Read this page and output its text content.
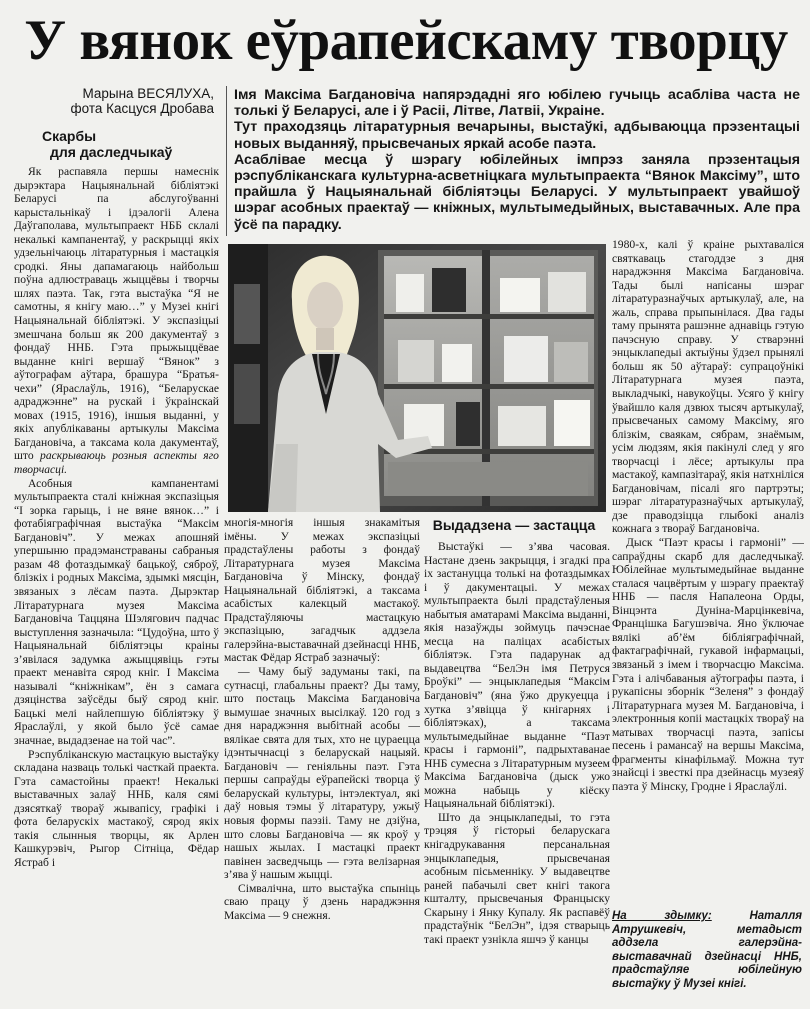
У вянок еўрапейскаму творцу
Марына ВЕСЯЛУХА,
фота Касцуся Дробава

Імя Максіма Багдановіча напярэдадні яго юбілею гучыць асабліва часта не толькі ў Беларусі, але і ў Расіі, Літве, Латвіі, Украіне.

Тут праходзяць літаратурныя вечарыны, выстаўкі, адбываюцца прэзентацыі новых выданняў, прысвечаных яркай асобе паэта.

Асаблівае месца ў шэрагу юбілейных імпрэз заняла прэзентацыя рэспубліканскага культурна-асветніцкага мультыпраекта “Вянок Максіму”, што прайшла ў Нацыянальнай бібліятэцы Беларусі. У мультыпраект увайшоў шэраг асобных праектаў — кніжных, мультымедыйных, выставачных. Але пра ўсё па парадку.

Скарбы
для даследчыкаў

Як распавяла першы намеснік дырэктара Нацыянальнай бібліятэкі Беларусі па абслугоўванні карыстальнікаў і ідэалогіі Алена Даўгаполава, мультыпраект НББ склалі некалькі кампанентаў, у раскрыцці якіх удзельнічаюць літаратурныя і мастацкія сродкі. Яны дапамагаюць найбольш поўна адлюстраваць жыццёвы і творчы шлях паэта. Так, гэта выстаўка “Я не самотны, я кнігу маю…” у Музеі кнігі Нацыянальнай бібліятэкі. У экспазіцыі змешчана больш як 200 дакументаў з фондаў ННБ. Гэта прыжыццёвае выданне кнігі вершаў “Вянок” з аўтографам аўтара, брашура “Братья-чехи” (Яраслаўль, 1916), “Беларускае адраджэнне” на рускай і ўкраінскай мовах (1915, 1916), іншыя выданні, у якіх апублікаваны артыкулы Максіма Багдановіча, а таксама кола дакументаў, што раскрываюць розныя аспекты яго творчасці.

Асобныя кампанентамі мультыпраекта сталі кніжная экспазіцыя “І зорка гарыць, і не вяне вянок…” і фотабіяграфічная выстаўка “Максім Багдановіч”. У межах апошняй упершыню прадэманстраваны сабраныя разам 48 фотаздымкаў бацькоў, сяброў, блізкіх і родных Максіма, здымкі мясцін, звязаных з лёсам паэта. Дырэктар Літаратурнага музея Максіма Багдановіча Таццяна Шэлягович падчас выступлення зазначыла: “Цудоўна, што ў Нацыянальнай бібліятэцы краіны з’явілася задумка ажыццявіць гэты праект менавіта сярод кніг. І Максіма называлі “кніжнікам”, ён з самага дзяцінства заўсёды быў сярод кніг. Бацькі мелі найлепшую бібліятэку ў Яраслаўлі, у якой было ўсё самае значнае, выдадзенае на той час”.

Рэспубліканскую мастацкую выстаўку складана назваць толькі часткай праекта. Гэта самастойны праект! Некалькі выставачных залаў ННБ, каля сямі дзясяткаў твораў жывапісу, графікі і фота беларускіх мастакоў, сярод якіх такія слынныя творцы, як Арлен Кашкурэвіч, Рыгор Сітніца, Фёдар Ястраб і

многія-многія іншыя знакамітыя імёны. У межах экспазіцыі прадстаўлены работы з фондаў Літаратурнага музея Максіма Багдановіча ў Мінску, фондаў Нацыянальнай бібліятэкі, а таксама асабістых калекцый мастакоў. Прадстаўляючы мастацкую экспазіцыю, загадчык аддзела галерэйна-выставачнай дзейнасці ННБ, мастак Фёдар Ястраб зазначыў:

— Чаму быў задуманы такі, па сутнасці, глабальны праект? Ды таму, што постаць Максіма Багдановіча вымушае значных высілкаў. 120 год з дня нараджэння выбітнай асобы — вялікае свята для тых, хто не цураецца ідэнтычнасці з беларускай нацыяй. Багдановіч — геніяльны паэт. Гэта першы сапраўды еўрапейскі творца ў беларускай культуры, інтэлектуал, які даў новыя тэмы ў літаратуру, ужыў новыя формы паэзіі. Таму не дзіўна, што словы Багдановіча — як кроў у нашых жылах. І мастацкі праект павінен засведчыць — гэта велізарная з’ява ў нашым жыцці.

Сімвалічна, што выстаўка спыніць сваю працу ў дзень нараджэння Максіма — 9 снежня.

Выдадзена — застацца

Выстаўкі — з’ява часовая. Настане дзень закрыцця, і згадкі пра іх застануцца толькі на фотаздымках і ў дакументацыі. У межах мультыпраекта былі прадстаўленыя набытыя аматарамі Максіма выданні, якія назаўжды зоймуць пачэснае месца на паліцах асабістых бібліятэк. Гэта падарунак ад выдавецтва “БелЭн імя Петруся Броўкі” — энцыклапедыя “Максім Багдановіч” (яна ўжо друкуецца і хутка з’явіцца ў кнігарнях і бібліятэках), а таксама мультымедыйнае выданне “Паэт красы і гармоніі”, падрыхтаванае ННБ сумесна з Літаратурным музеем Максіма Багдановіча (дыск ужо можна набыць у кіёску Нацыянальнай бібліятэкі).

Што да энцыклапедыі, то гэта трэцяя ў гісторыі беларускага кнігадрукавання персанальная энцыклапедыя, прысвечаная асобным пісьменніку. У выдавецтве раней пабачылі свет кнігі такога кшталту, прысвечаныя Францыску Скарыну і Янку Купалу. Як распавёў прадстаўнік “БелЭн”, ідэя стварыць такі праект узнікла яшчэ ў канцы

1980-х, калі ў краіне рыхтаваліся святкаваць стагоддзе з дня нараджэння Максіма Багдановіча. Тады былі напісаны шэраг літаратуразнаўчых артыкулаў, але, на жаль, справа прыпынілася. Два гады таму прынята рашэнне аднавіць гэтую пачэсную справу. У стварэнні энцыклапедыі актыўны ўдзел прынялі больш як 50 аўтараў: супрацоўнікі Літаратурнага музея паэта, выкладчыкі, навукоўцы. Усяго ў кнігу ўвайшло каля дзвюх тысяч артыкулаў, прысвечаных самому Максіму, яго блізкім, сваякам, сябрам, знаёмым, усім людзям, якія пакінулі след у яго творчасці і лёсе; артыкулы пра мастакоў, кампазітараў, якія натхніліся Багдановічам, пісалі яго партрэты; шэраг літаратуразнаўчых артыкулаў, дзе праводзіцца глыбокі аналіз кожнага з твораў Багдановіча.

Дыск “Паэт красы і гармоніі” — сапраўдны скарб для даследчыкаў. Юбілейнае мультымедыйнае выданне сталася чацвёртым у шэрагу праектаў ННБ — пасля Напалеона Орды, Вінцэнта Дуніна-Марцінкевіча, Францішка Багушэвіча. Яно ўключае вялікі аб’ём бібліяграфічнай, фактаграфічнай, гукавой інфармацыі, звязаньй з імем і творчасцю Максіма. Гэта і алічбаваныя аўтографы паэта, і рукапісны зборнік “Зеленя” з фондаў Літаратурнага музея М. Багдановіча, і электронныя копіі мастацкіх твораў на матывах творчасці паэта, запісы песень і рамансаў на вершы Максіма, фрагменты кінафільмаў. Можна тут знайсці і звесткі пра дзейнасць музеяў паэта ў Мінску, Гродне і Яраслаўлі.

На здымку:	Наталля Атрушкевіч, метадыст аддзела галерэйна-выставачнай дзейнасці ННБ, прадстаўляе юбілейную выстаўку ў Музеі кнігі.
